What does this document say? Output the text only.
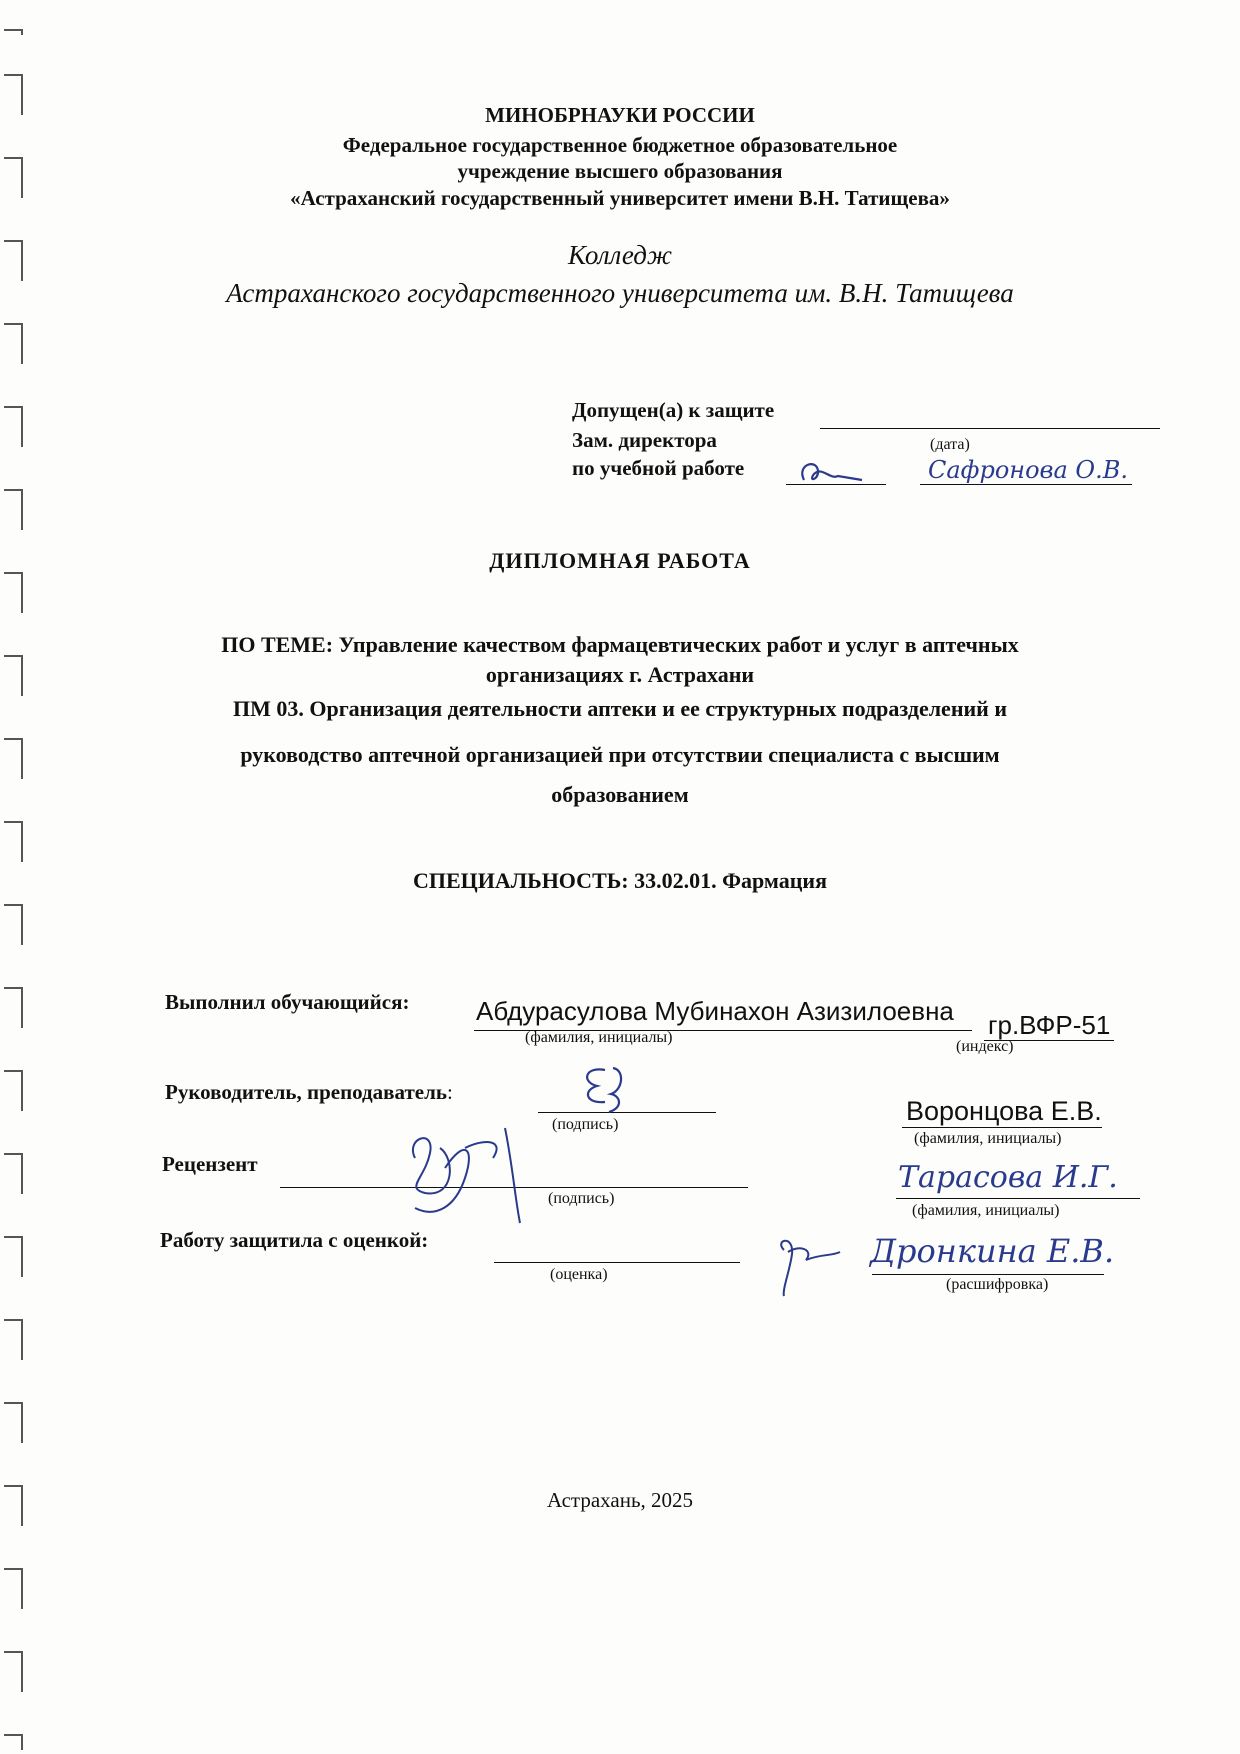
МИНОБРНАУКИ РОССИИ
Федеральное государственное бюджетное образовательное
учреждение высшего образования
«Астраханский государственный университет имени В.Н. Татищева»
Колледж
Астраханского государственного университета им. В.Н. Татищева
Допущен(а) к защите
Зам. директора	(дата)
по учебной работе	Сафронова О.В.
ДИПЛОМНАЯ РАБОТА
ПО ТЕМЕ: Управление качеством фармацевтических работ и услуг в аптечных
организациях г. Астрахани
ПМ 03. Организация деятельности аптеки и ее структурных подразделений и
руководство аптечной организацией при отсутствии специалиста с высшим
образованием
СПЕЦИАЛЬНОСТЬ: 33.02.01. Фармация
Выполнил обучающийся:	Абдурасулова Мубинахон Азизилоевна гр.ВФР-51
(фамилия, инициалы)
(индекс)
Руководитель, преподаватель:
(подпись)	Воронцова Е.В.
(фамилия, инициалы)
Рецензент
(подпись)
Тарасова И.Г.
(фамилия, инициалы)
Работу защитила с оценкой:
(оценка)
Дронкина Е.В.
(расшифровка)
Астрахань, 2025
